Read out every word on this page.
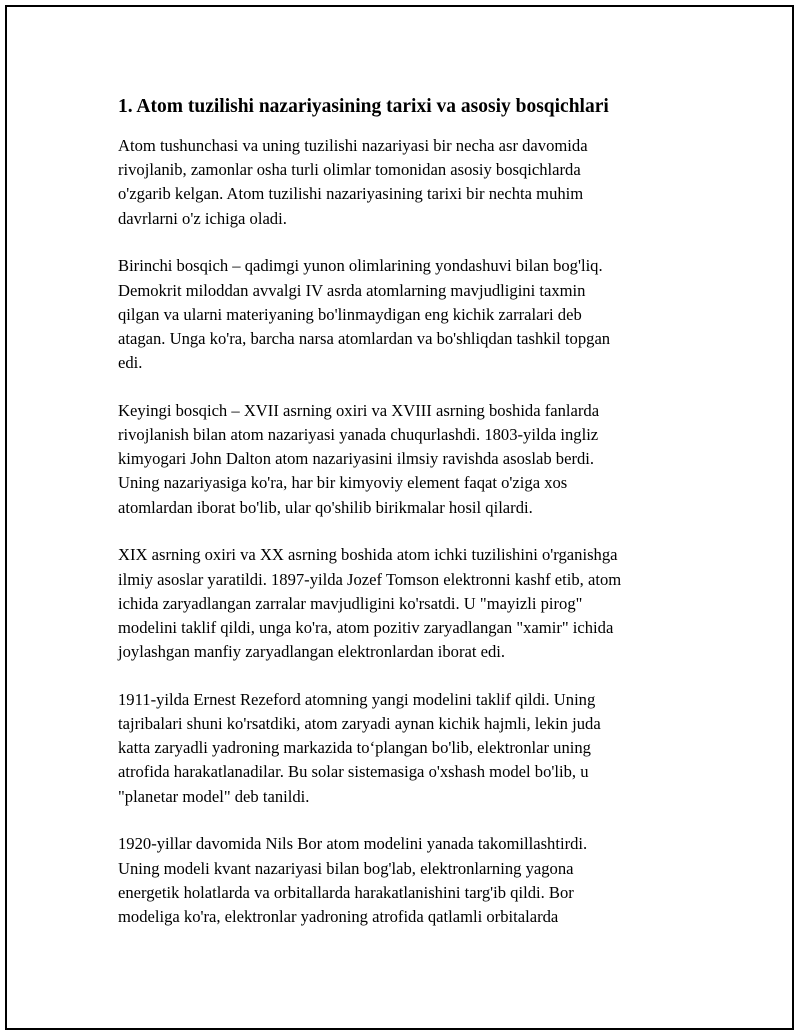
1. Atom tuzilishi nazariyasining tarixi va asosiy bosqichlari

Atom tushunchasi va uning tuzilishi nazariyasi bir necha asr davomida
rivojlanib, zamonlar osha turli olimlar tomonidan asosiy bosqichlarda
o'zgarib kelgan. Atom tuzilishi nazariyasining tarixi bir nechta muhim
davrlarni o'z ichiga oladi.

Birinchi bosqich – qadimgi yunon olimlarining yondashuvi bilan bog'liq.
Demokrit miloddan avvalgi IV asrda atomlarning mavjudligini taxmin
qilgan va ularni materiyaning bo'linmaydigan eng kichik zarralari deb
atagan. Unga ko'ra, barcha narsa atomlardan va bo'shliqdan tashkil topgan
edi.

Keyingi bosqich – XVII asrning oxiri va XVIII asrning boshida fanlarda
rivojlanish bilan atom nazariyasi yanada chuqurlashdi. 1803-yilda ingliz
kimyogari John Dalton atom nazariyasini ilmsiy ravishda asoslab berdi.
Uning nazariyasiga ko'ra, har bir kimyoviy element faqat o'ziga xos
atomlardan iborat bo'lib, ular qo'shilib birikmalar hosil qilardi.

XIX asrning oxiri va XX asrning boshida atom ichki tuzilishini o'rganishga
ilmiy asoslar yaratildi. 1897-yilda Jozef Tomson elektronni kashf etib, atom
ichida zaryadlangan zarralar mavjudligini ko'rsatdi. U "mayizli pirog"
modelini taklif qildi, unga ko'ra, atom pozitiv zaryadlangan "xamir" ichida
joylashgan manfiy zaryadlangan elektronlardan iborat edi.

1911-yilda Ernest Rezeford atomning yangi modelini taklif qildi. Uning
tajribalari shuni ko'rsatdiki, atom zaryadi aynan kichik hajmli, lekin juda
katta zaryadli yadroning markazida to‘plangan bo'lib, elektronlar uning
atrofida harakatlanadilar. Bu solar sistemasiga o'xshash model bo'lib, u
"planetar model" deb tanildi.

1920-yillar davomida Nils Bor atom modelini yanada takomillashtirdi.
Uning modeli kvant nazariyasi bilan bog'lab, elektronlarning yagona
energetik holatlarda va orbitallarda harakatlanishini targ'ib qildi. Bor
modeliga ko'ra, elektronlar yadroning atrofida qatlamli orbitalarda
